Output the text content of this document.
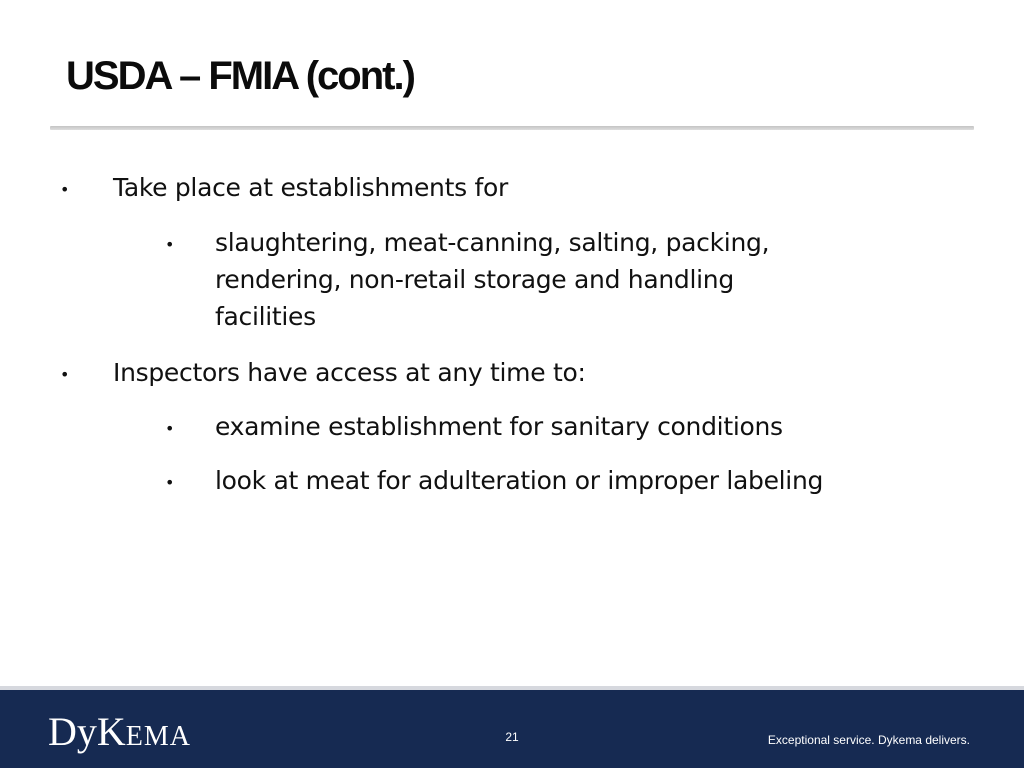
USDA – FMIA (cont.)
• Take place at establishments for
• slaughtering, meat-canning, salting, packing,
rendering, non-retail storage and handling
facilities
• Inspectors have access at any time to:
• examine establishment for sanitary conditions
• look at meat for adulteration or improper labeling
DyKEMA	21	Exceptional service. Dykema delivers.
